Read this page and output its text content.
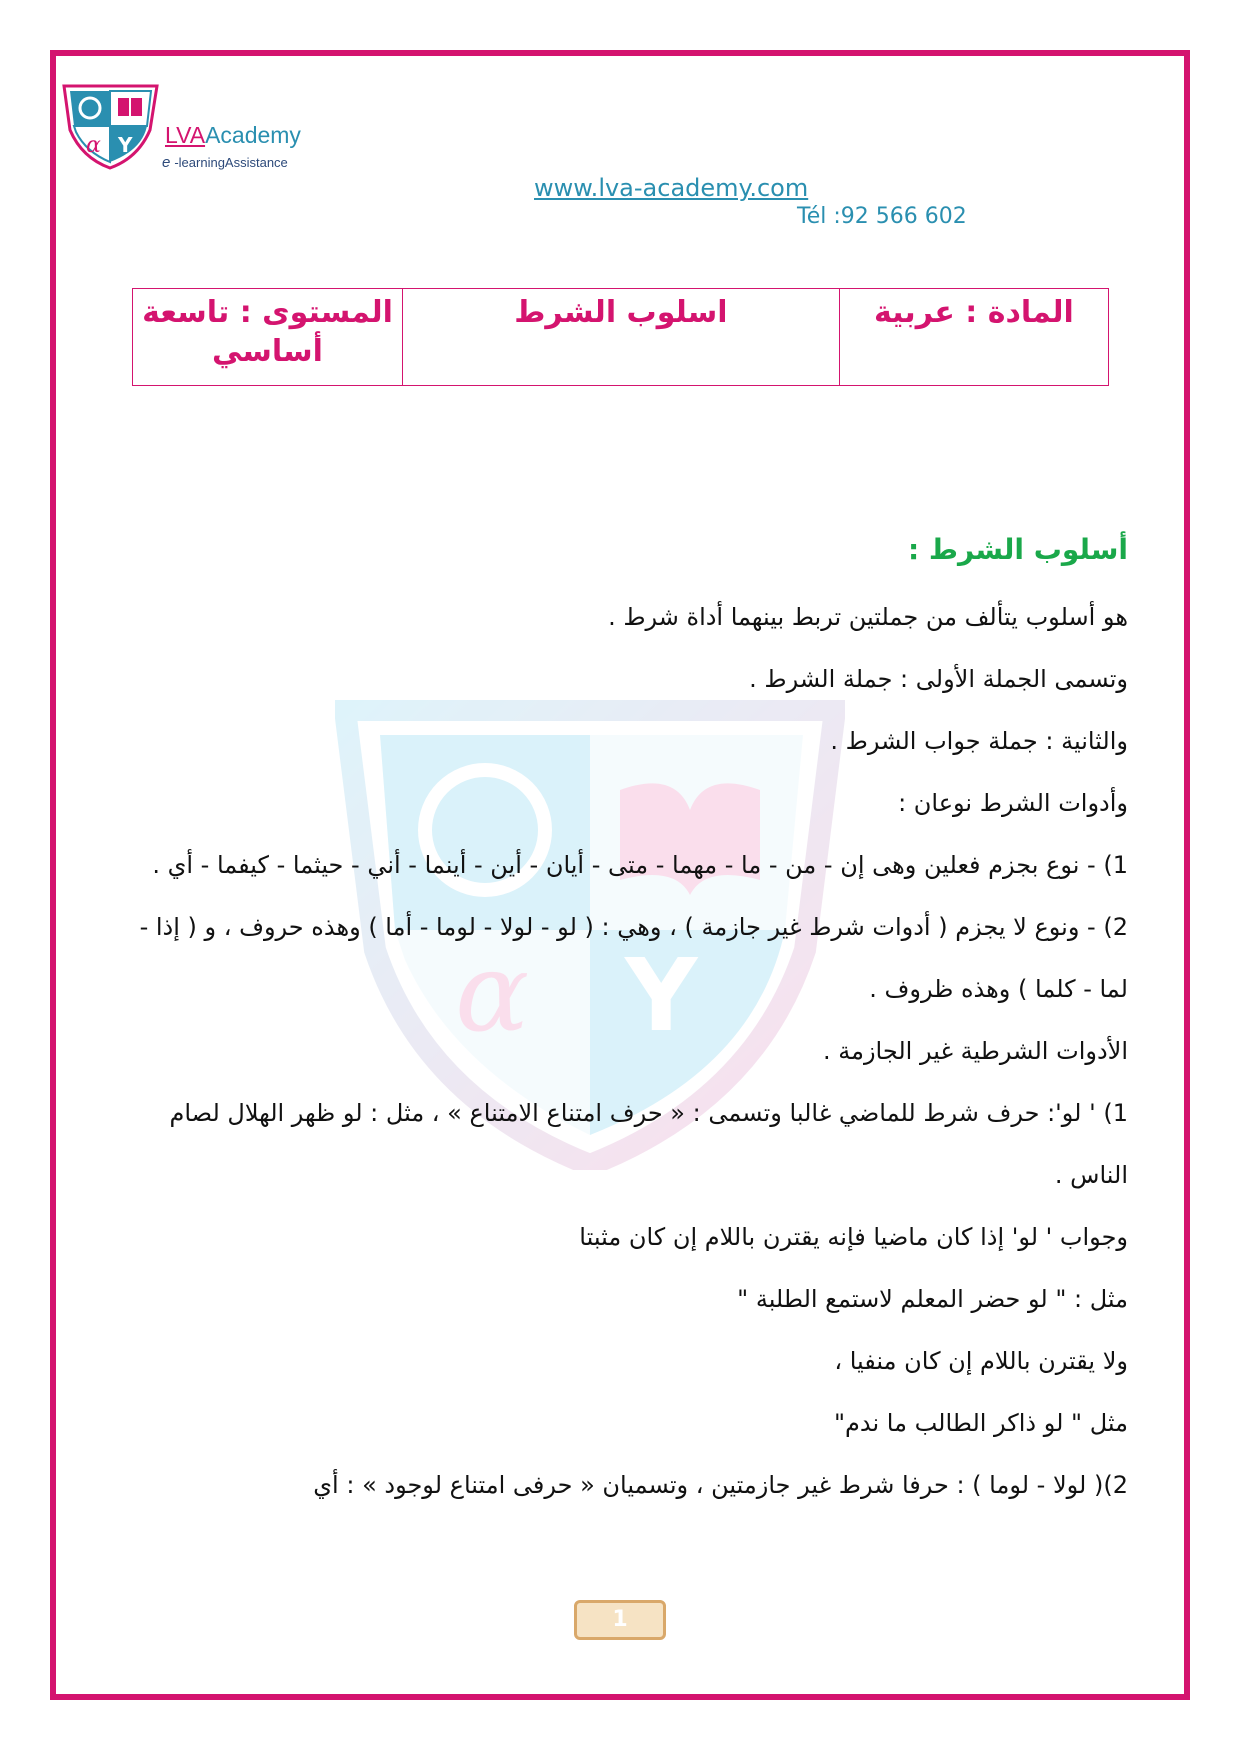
α Y LVAAcademy
e -learningAssistance
www.lva-academy.com
Tél :92 566 602
المادة : عربية	اسلوب الشرط	المستوى : تاسعة أساسي
α Y
أسلوب الشرط :

هو أسلوب يتألف من جملتين تربط بينهما أداة شرط .

وتسمى الجملة الأولى : جملة الشرط .

والثانية : جملة جواب الشرط .

وأدوات الشرط نوعان :

1) - نوع بجزم فعلين وهى إن - من - ما - مهما - متى - أيان - أين - أينما - أني - حيثما - كيفما - أي .

2) - ونوع لا يجزم ( أدوات شرط غير جازمة ) ، وهي : ( لو - لولا - لوما - أما ) وهذه حروف ، و ( إذا - لما - كلما ) وهذه ظروف .

الأدوات الشرطية غير الجازمة .

1) ' لو': حرف شرط للماضي غالبا وتسمى : « حرف امتناع الامتناع » ، مثل : لو ظهر الهلال لصام الناس .

وجواب ' لو' إذا كان ماضيا فإنه يقترن باللام إن كان مثبتا

مثل : " لو حضر المعلم لاستمع الطلبة "

ولا يقترن باللام إن كان منفيا ،

مثل " لو ذاكر الطالب ما ندم"

2)( لولا - لوما ) : حرفا شرط غير جازمتين ، وتسميان « حرفى امتناع لوجود » : أي

1
